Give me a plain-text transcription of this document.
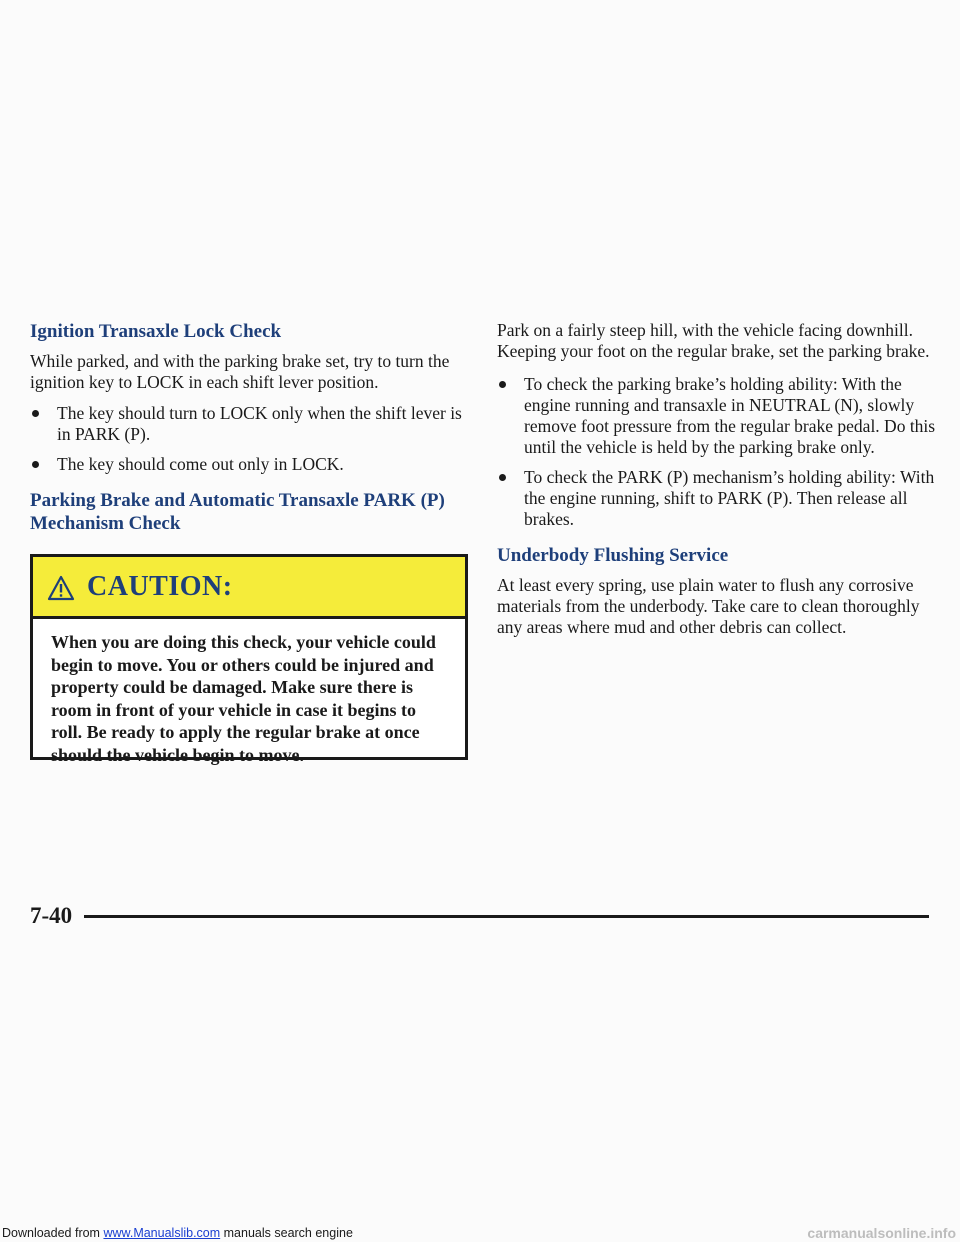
Ignition Transaxle Lock Check

While parked, and with the parking brake set, try to turn the ignition key to LOCK in each shift lever position.

The key should turn to LOCK only when the shift lever is in PARK (P).
The key should come out only in LOCK.
Parking Brake and Automatic Transaxle PARK (P) Mechanism Check
CAUTION:
When you are doing this check, your vehicle could begin to move. You or others could be injured and property could be damaged. Make sure there is room in front of your vehicle in case it begins to roll. Be ready to apply the regular brake at once should the vehicle begin to move.

Park on a fairly steep hill, with the vehicle facing downhill. Keeping your foot on the regular brake, set the parking brake.

To check the parking brake’s holding ability: With the engine running and transaxle in NEUTRAL (N), slowly remove foot pressure from the regular brake pedal. Do this until the vehicle is held by the parking brake only.
To check the PARK (P) mechanism’s holding ability: With the engine running, shift to PARK (P). Then release all brakes.
Underbody Flushing Service

At least every spring, use plain water to flush any corrosive materials from the underbody. Take care to clean thoroughly any areas where mud and other debris can collect.

7-40
Downloaded from www.Manualslib.com manuals search engine	carmanualsonline.info
